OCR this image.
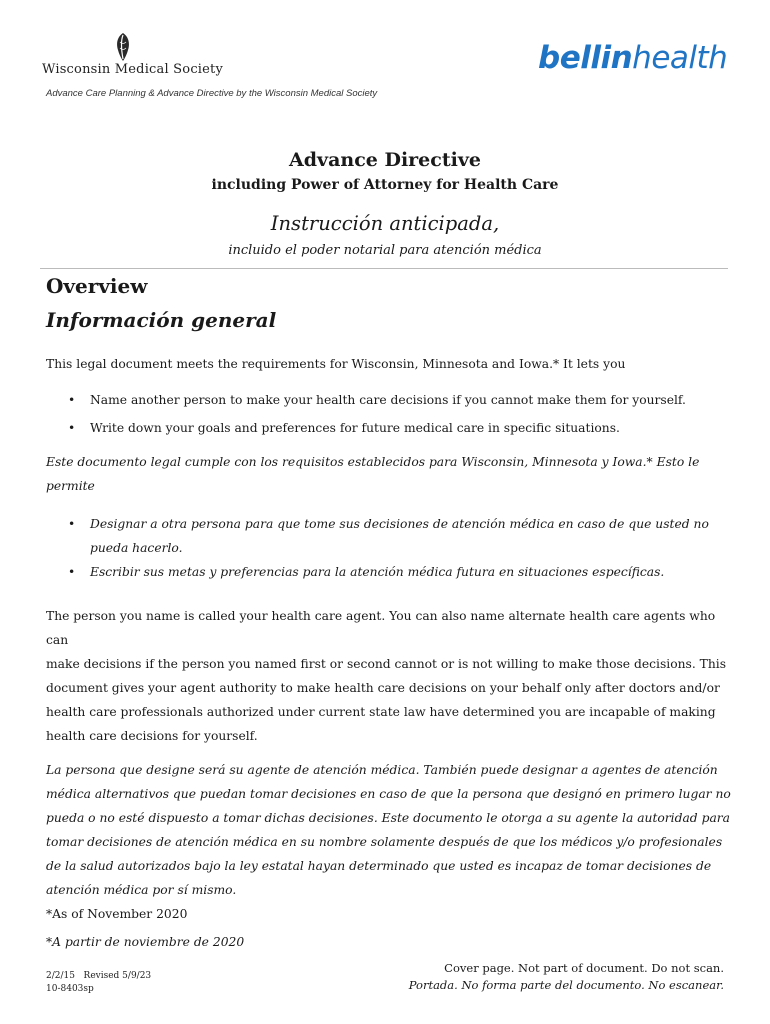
Wisconsin Medical Society	bellinhealth
Advance Care Planning & Advance Directive by the Wisconsin Medical Society

Advance Directive

including Power of Attorney for Health Care

Instrucción anticipada,

incluido el poder notarial para atención médica

Overview
Información general

This legal document meets the requirements for Wisconsin, Minnesota and Iowa.* It lets you

• Name another person to make your health care decisions if you cannot make them for yourself.
• Write down your goals and preferences for future medical care in specific situations.

Este documento legal cumple con los requisitos establecidos para Wisconsin, Minnesota y Iowa.* Esto le
permite

• Designar a otra persona para que tome sus decisiones de atención médica en caso de que usted no
pueda hacerlo.
• Escribir sus metas y preferencias para la atención médica futura en situaciones específicas.

The person you name is called your health care agent. You can also name alternate health care agents who can
make decisions if the person you named first or second cannot or is not willing to make those decisions. This
document gives your agent authority to make health care decisions on your behalf only after doctors and/or
health care professionals authorized under current state law have determined you are incapable of making
health care decisions for yourself.

La persona que designe será su agente de atención médica. También puede designar a agentes de atención
médica alternativos que puedan tomar decisiones en caso de que la persona que designó en primero lugar no
pueda o no esté dispuesto a tomar dichas decisiones. Este documento le otorga a su agente la autoridad para
tomar decisiones de atención médica en su nombre solamente después de que los médicos y/o profesionales
de la salud autorizados bajo la ley estatal hayan determinado que usted es incapaz de tomar decisiones de
atención médica por sí mismo.

*As of November 2020

*A partir de noviembre de 2020

2/2/15   Revised 5/9/23
10-8403sp
Cover page. Not part of document. Do not scan.
Portada. No forma parte del documento. No escanear.
